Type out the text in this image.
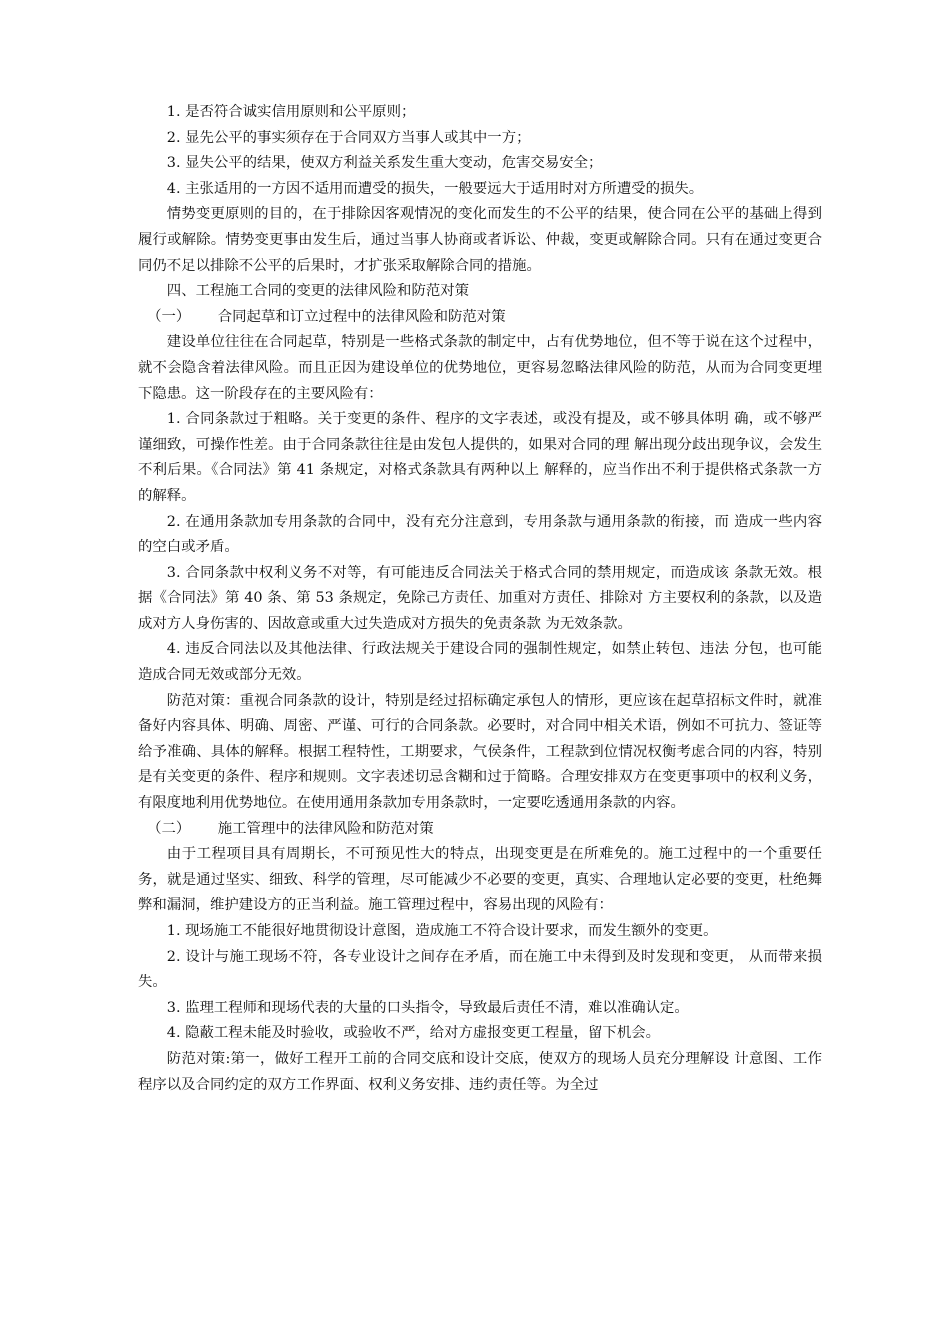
1. 是否符合诚实信用原则和公平原则；

2. 显先公平的事实须存在于合同双方当事人或其中一方；

3. 显失公平的结果，使双方利益关系发生重大变动，危害交易安全；

4. 主张适用的一方因不适用而遭受的损失，一般要远大于适用时对方所遭受的损失。

情势变更原则的目的，在于排除因客观情况的变化而发生的不公平的结果，使合同在公平的基础上得到履行或解除。情势变更事由发生后，通过当事人协商或者诉讼、仲裁，变更或解除合同。只有在通过变更合同仍不足以排除不公平的后果时，才扩张采取解除合同的措施。

四、工程施工合同的变更的法律风险和防范对策

（一）      合同起草和订立过程中的法律风险和防范对策

建设单位往往在合同起草，特别是一些格式条款的制定中，占有优势地位，但不等于说在这个过程中，就不会隐含着法律风险。而且正因为建设单位的优势地位，更容易忽略法律风险的防范，从而为合同变更埋下隐患。这一阶段存在的主要风险有：

1. 合同条款过于粗略。关于变更的条件、程序的文字表述，或没有提及，或不够具体明 确，或不够严谨细致，可操作性差。由于合同条款往往是由发包人提供的，如果对合同的理 解出现分歧出现争议，会发生不利后果。《合同法》第 41 条规定，对格式条款具有两种以上 解释的，应当作出不利于提供格式条款一方的解释。

2. 在通用条款加专用条款的合同中，没有充分注意到，专用条款与通用条款的衔接，而 造成一些内容的空白或矛盾。

3. 合同条款中权利义务不对等，有可能违反合同法关于格式合同的禁用规定，而造成该 条款无效。根据《合同法》第 40 条、第 53 条规定，免除己方责任、加重对方责任、排除对 方主要权利的条款，以及造成对方人身伤害的、因故意或重大过失造成对方损失的免责条款 为无效条款。

4. 违反合同法以及其他法律、行政法规关于建设合同的强制性规定，如禁止转包、违法 分包，也可能造成合同无效或部分无效。

防范对策：重视合同条款的设计，特别是经过招标确定承包人的情形，更应该在起草招标文件时，就准备好内容具体、明确、周密、严谨、可行的合同条款。必要时，对合同中相关术语，例如不可抗力、签证等给予准确、具体的解释。根据工程特性，工期要求，气侯条件，工程款到位情况权衡考虑合同的内容，特别是有关变更的条件、程序和规则。文字表述切忌含糊和过于简略。合理安排双方在变更事项中的权利义务，有限度地利用优势地位。在使用通用条款加专用条款时，一定要吃透通用条款的内容。

（二）      施工管理中的法律风险和防范对策

由于工程项目具有周期长，不可预见性大的特点，出现变更是在所难免的。施工过程中的一个重要任务，就是通过坚实、细致、科学的管理，尽可能减少不必要的变更，真实、合理地认定必要的变更，杜绝舞弊和漏洞，维护建设方的正当利益。施工管理过程中，容易出现的风险有：

1. 现场施工不能很好地贯彻设计意图，造成施工不符合设计要求，而发生额外的变更。

2. 设计与施工现场不符，各专业设计之间存在矛盾，而在施工中未得到及时发现和变更， 从而带来损失。

3. 监理工程师和现场代表的大量的口头指令，导致最后责任不清，难以准确认定。

4. 隐蔽工程未能及时验收，或验收不严，给对方虚报变更工程量，留下机会。

防范对策:第一，做好工程开工前的合同交底和设计交底，使双方的现场人员充分理解设 计意图、工作程序以及合同约定的双方工作界面、权利义务安排、违约责任等。为全过
